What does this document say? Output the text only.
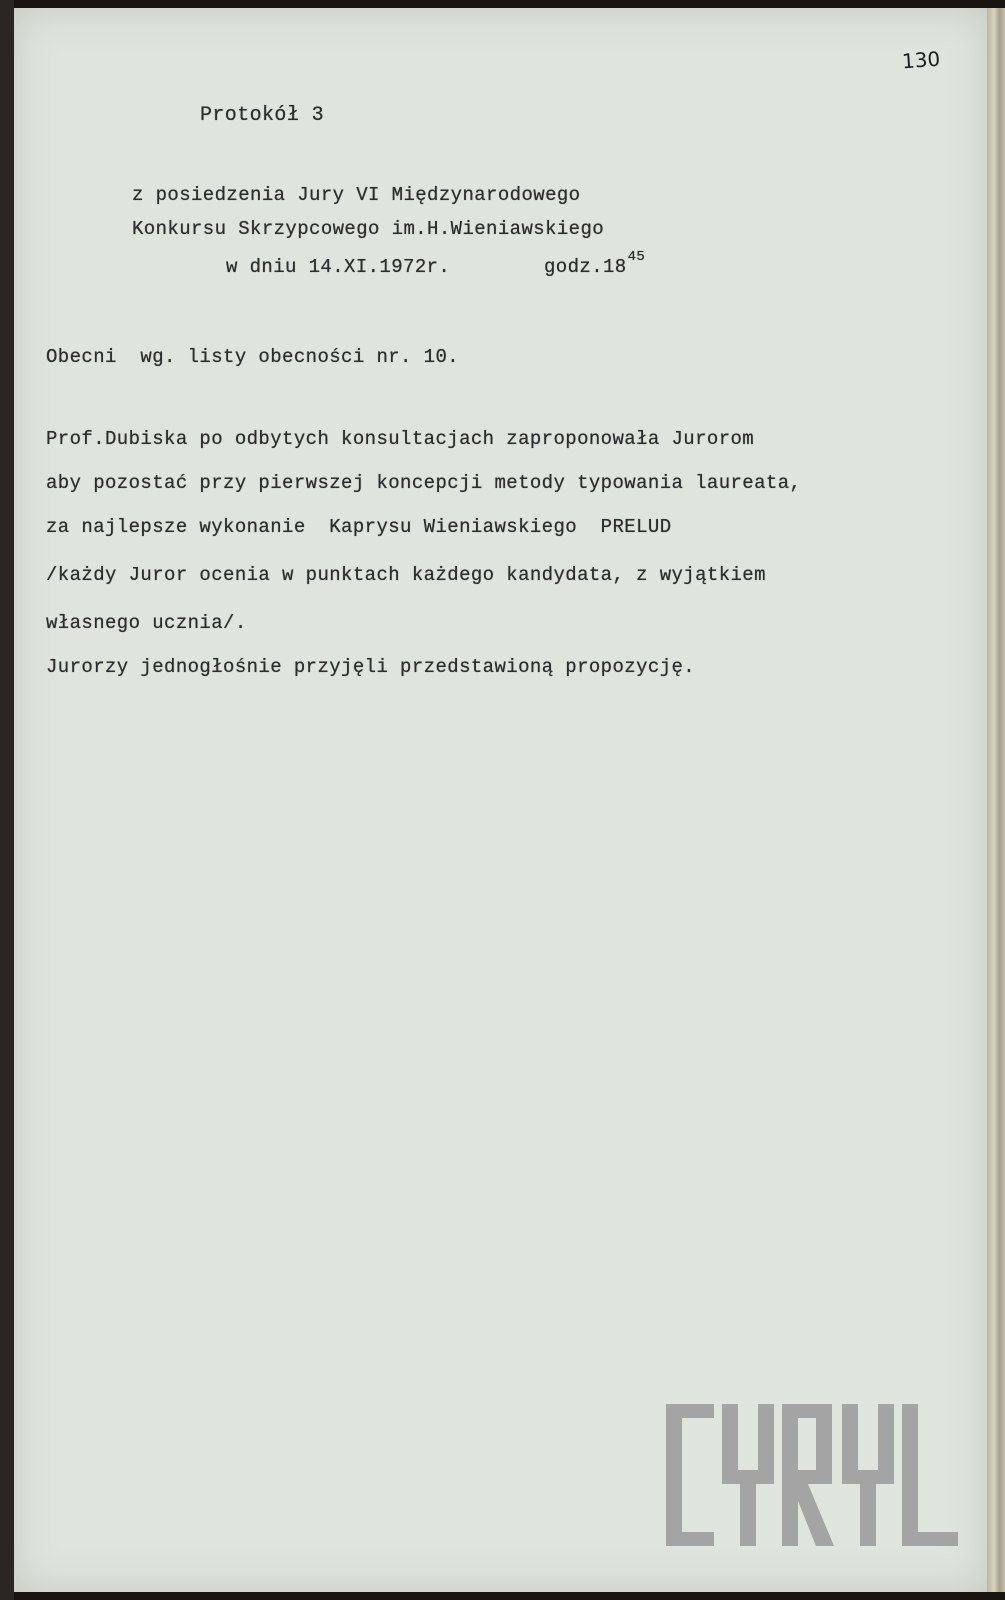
130
Protokół 3
z posiedzenia Jury VI Międzynarodowego
Konkursu Skrzypcowego im.H.Wieniawskiego
w dniu 14.XI.1972r.	$godz.18^{45}$
Obecni  wg. listy obecności nr. 10.
Prof.Dubiska po odbytych konsultacjach zaproponowała Jurorom
aby pozostać przy pierwszej koncepcji metody typowania laureata,
za najlepsze wykonanie  Kaprysu Wieniawskiego  PRELUD
/każdy Juror ocenia w punktach każdego kandydata, z wyjątkiem
własnego ucznia/.
Jurorzy jednogłośnie przyjęli przedstawioną propozycję.
